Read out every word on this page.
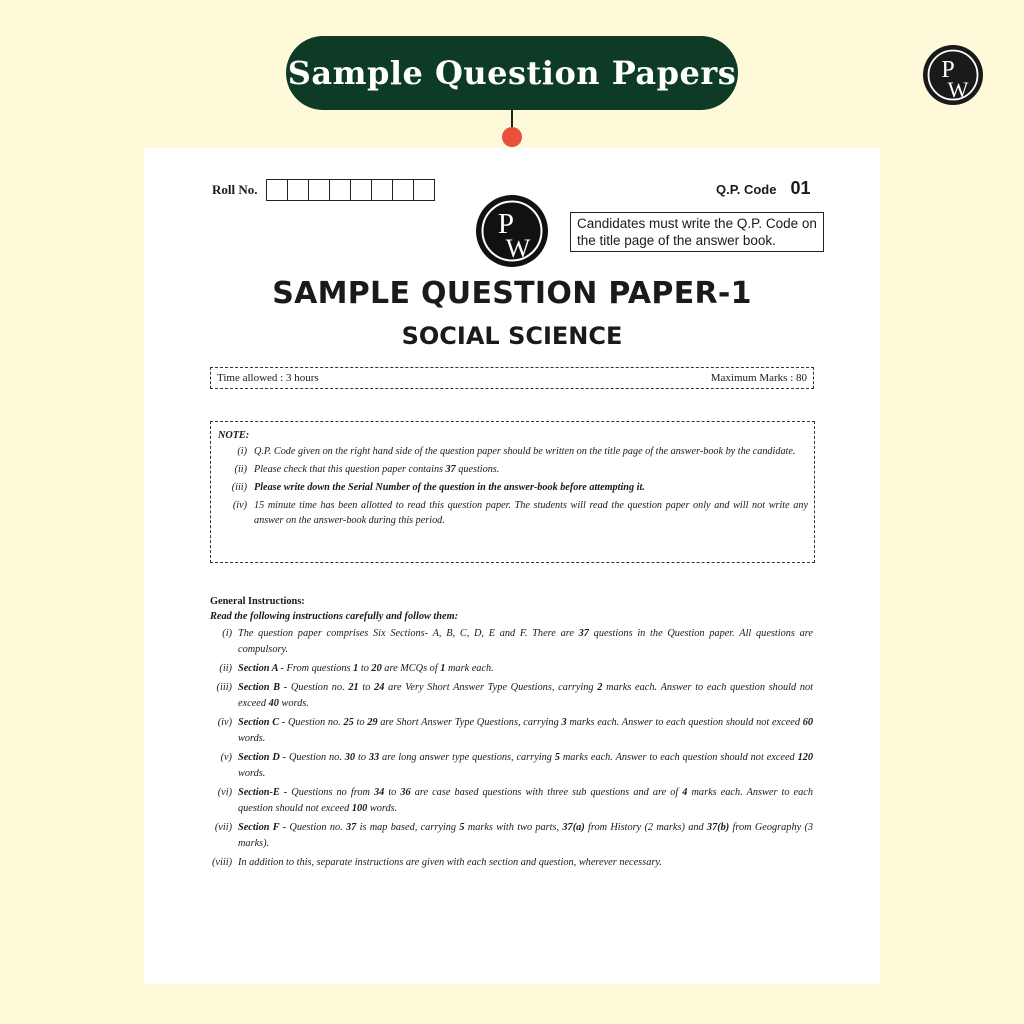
Sample Question Papers	P
W
Roll No.	Q.P. Code 01
P
W
Candidates must write the Q.P. Code on the title page of the answer book.
SAMPLE QUESTION PAPER-1
SOCIAL SCIENCE
Time allowed : 3 hours	Maximum Marks : 80
NOTE:
(i) Q.P. Code given on the right hand side of the question paper should be written on the title page of the answer-book by the candidate.
(ii) Please check that this question paper contains 37 questions.
(iii) Please write down the Serial Number of the question in the answer-book before attempting it.
(iv) 15 minute time has been allotted to read this question paper. The students will read the question paper only and will not write any answer on the answer-book during this period.
General Instructions:
Read the following instructions carefully and follow them:
(i) The question paper comprises Six Sections- A, B, C, D, E and F. There are 37 questions in the Question paper. All questions are compulsory.
(ii) Section A - From questions 1 to 20 are MCQs of 1 mark each.
(iii) Section B - Question no. 21 to 24 are Very Short Answer Type Questions, carrying 2 marks each. Answer to each question should not exceed 40 words.
(iv) Section C - Question no. 25 to 29 are Short Answer Type Questions, carrying 3 marks each. Answer to each question should not exceed 60 words.
(v) Section D - Question no. 30 to 33 are long answer type questions, carrying 5 marks each. Answer to each question should not exceed 120 words.
(vi) Section-E - Questions no from 34 to 36 are case based questions with three sub questions and are of 4 marks each. Answer to each question should not exceed 100 words.
(vii) Section F - Question no. 37 is map based, carrying 5 marks with two parts, 37(a) from History (2 marks) and 37(b) from Geography (3 marks).
(viii) In addition to this, separate instructions are given with each section and question, wherever necessary.
